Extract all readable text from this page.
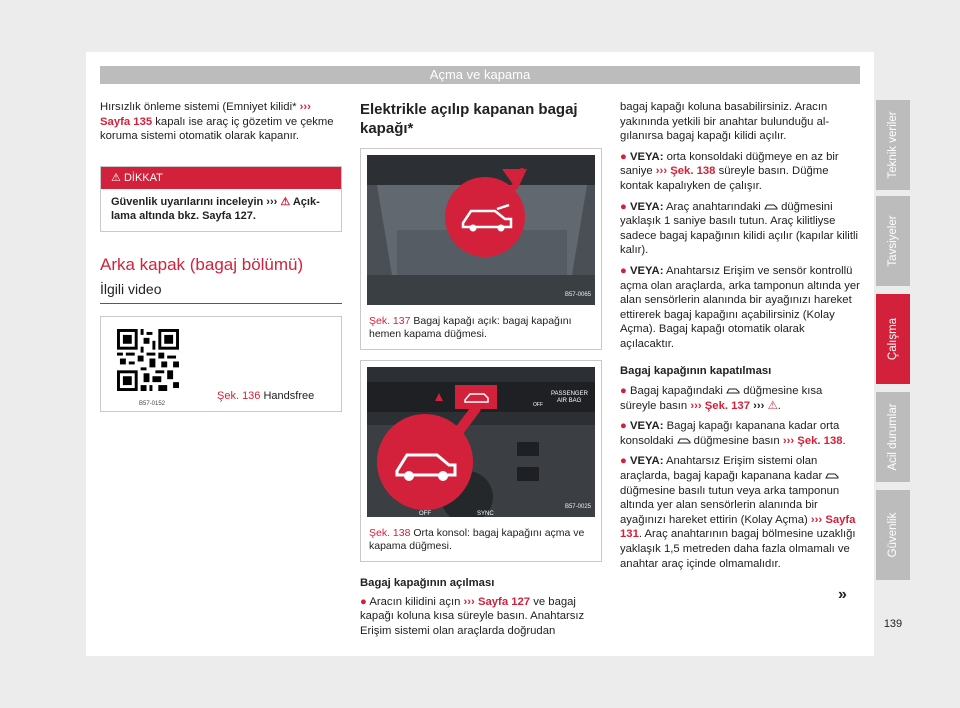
Açma ve kapama

Hırsızlık önleme sistemi (Emniyet kilidi* ››› Sayfa 135 kapalı ise araç iç gözetim ve çekme koruma sistemi otomatik olarak kapanır.

⚠ DİKKAT
Güvenlik uyarılarını inceleyin ››› ⚠ Açıklama altında bkz. Sayfa 127.
Arka kapak (bagaj bölümü)
İlgili video
B57-0152
Şek. 136 Handsfree
Elektrikle açılıp kapanan bagaj kapağı*
B57-0065
Şek. 137 Bagaj kapağı açık: bagaj kapağını hemen kapama düğmesi.
PASSENGER
AIR BAG
OFF
SYNC
OFF
B57-0025
Şek. 138 Orta konsol: bagaj kapağını açma ve kapama düğmesi.

Bagaj kapağının açılması

● Aracın kilidini açın ››› Sayfa 127 ve bagaj kapağı koluna kısa süreyle basın. Anahtarsız Erişim sistemi olan araçlarda doğrudan

bagaj kapağı koluna basabilirsiniz. Aracın yakınında yetkili bir anahtar bulunduğu algılanırsa bagaj kapağı kilidi açılır.

● VEYA: orta konsoldaki düğmeye en az bir saniye ››› Şek. 138 süreyle basın. Düğme kontak kapalıyken de çalışır.

● VEYA: Araç anahtarındaki  düğmesini yaklaşık 1 saniye basılı tutun. Araç kilitliyse sadece bagaj kapağının kilidi açılır (kapılar kilitli kalır).

● VEYA: Anahtarsız Erişim ve sensör kontrollü açma olan araçlarda, arka tamponun altında yer alan sensörlerin alanında bir ayağınızı hareket ettirerek bagaj kapağını açabilirsiniz (Kolay Açma). Bagaj kapağı otomatik olarak açılacaktır.

Bagaj kapağının kapatılması

● Bagaj kapağındaki  düğmesine kısa süreyle basın ››› Şek. 137 ››› ⚠.

● VEYA: Bagaj kapağı kapanana kadar orta konsoldaki  düğmesine basın ››› Şek. 138.

● VEYA: Anahtarsız Erişim sistemi olan araçlarda, bagaj kapağı kapanana kadar  düğmesine basılı tutun veya arka tamponun altında yer alan sensörlerin alanında bir ayağınızı hareket ettirin (Kolay Açma) ››› Sayfa 131. Araç anahtarının bagaj bölmesine uzaklığı yaklaşık 1,5 metreden daha fazla olmamalı ve anahtar araç içinde olmamalıdır.

»
Teknik veriler
Tavsiyeler
Çalışma
Acil durumlar
Güvenlik
139
